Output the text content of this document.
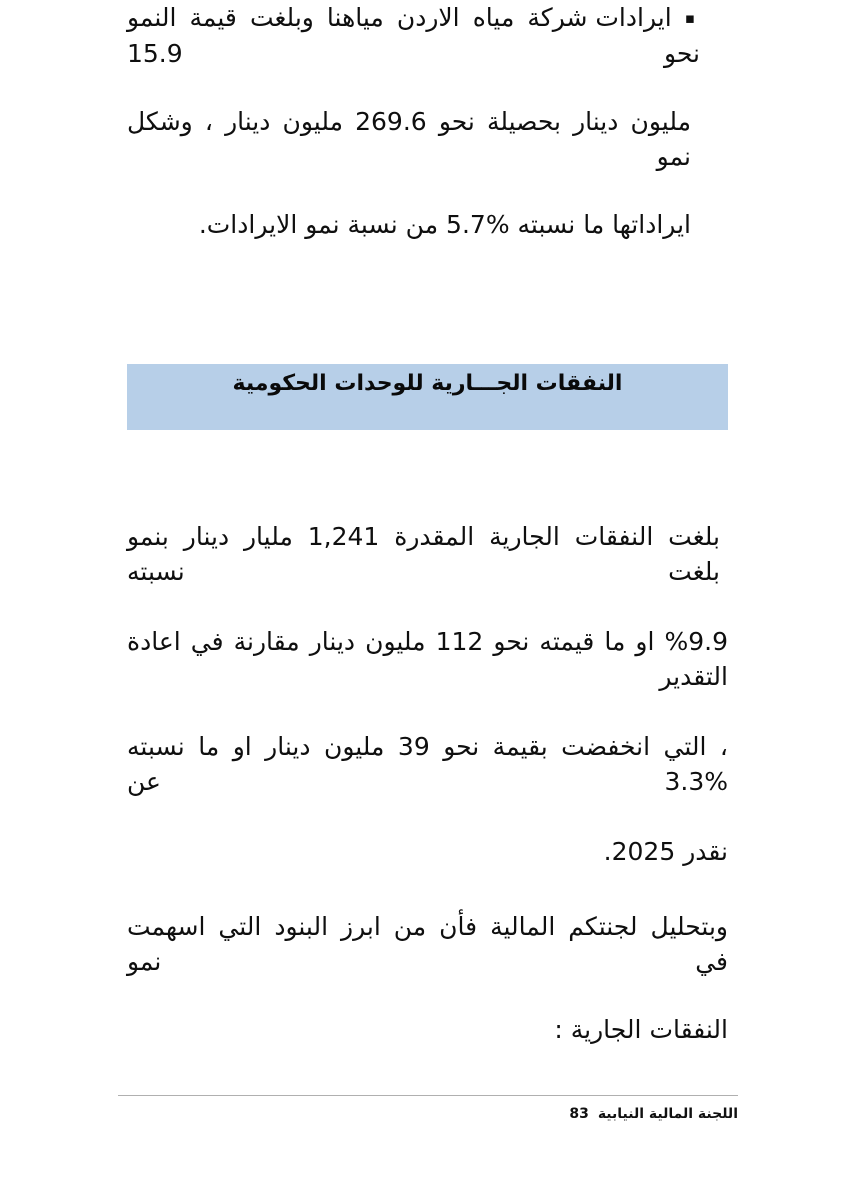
▪ ايرادات شركة مياه الاردن مياهنا وبلغت قيمة النمو نحو 15.9
مليون دينار بحصيلة نحو 269.6 مليون دينار ، وشكل نمو
ايراداتها ما نسبته %5.7 من نسبة نمو الايرادات.
النفقات الجـــارية للوحدات الحكومية
بلغت النفقات الجارية المقدرة 1,241 مليار دينار بنمو بلغت نسبته
%9.9 او ما قيمته نحو 112 مليون دينار مقارنة في اعادة التقدير
، التي انخفضت بقيمة نحو 39 مليون دينار او ما نسبته %3.3 عن
نقدر 2025.
وبتحليل لجنتكم المالية فأن من ابرز البنود التي اسهمت في نمو
النفقات الجارية :
اللجنة المالية النيابية83
